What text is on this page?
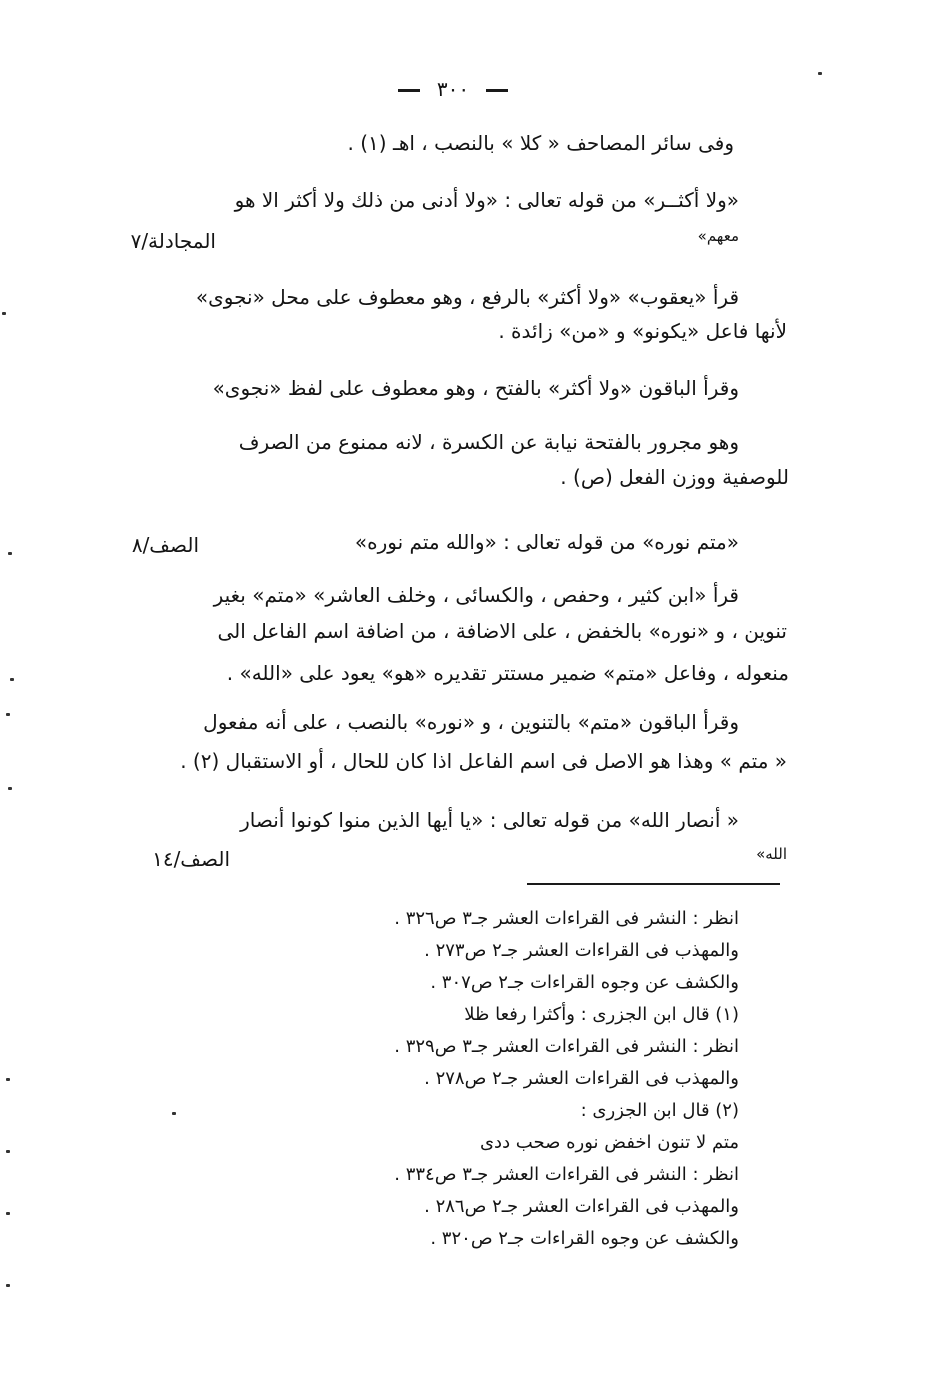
٣٠٠
وفى سائر المصاحف « كلا » بالنصب ، اهـ (١) .
«ولا أكثــر» من قوله تعالى : «ولا أدنى من ذلك ولا أكثر الا هو
معهم»
المجادلة/٧
قرأ «يعقوب» «ولا أكثر» بالرفع ، وهو معطوف على محل «نجوى»
لأنها فاعل «يكونو» و «من» زائدة .
وقرأ الباقون «ولا أكثر» بالفتح ، وهو معطوف على لفظ «نجوى»
وهو مجرور بالفتحة نيابة عن الكسرة ، لانه ممنوع من الصرف
للوصفية ووزن الفعل (ص) .
«متم نوره» من قوله تعالى : «والله متم نوره»
الصف/٨
قرأ «ابن كثير ، وحفص ، والكسائى ، وخلف العاشر» «متم» بغير
تنوين ، و «نوره» بالخفض ، على الاضافة ، من اضافة اسم الفاعل الى
منعوله ، وفاعل «متم» ضمير مستتر تقديره «هو» يعود على «الله» .
وقرأ الباقون «متم» بالتنوين ، و «نوره» بالنصب ، على أنه مفعول
« متم » وهذا هو الاصل فى اسم الفاعل اذا كان للحال ، أو الاستقبال (٢) .
« أنصار الله» من قوله تعالى : «يا أيها الذين منوا كونوا أنصار
الله»
الصف/١٤
انظر : النشر فى القراءات العشر جـ٣ ص٣٢٦ .
والمهذب فى القراءات العشر جـ٢ ص٢٧٣ .
والكشف عن وجوه القراءات جـ٢ ص٣٠٧ .
(١) قال ابن الجزرى : وأكثرا رفعا ظلا
انظر : النشر فى القراءات العشر جـ٣ ص٣٢٩ .
والمهذب فى القراءات العشر جـ٢ ص٢٧٨ .
(٢) قال ابن الجزرى :
متم لا تنون اخفض نوره صحب ددى
انظر : النشر فى القراءات العشر جـ٣ ص٣٣٤ .
والمهذب فى القراءات العشر جـ٢ ص٢٨٦ .
والكشف عن وجوه القراءات جـ٢ ص٣٢٠ .
